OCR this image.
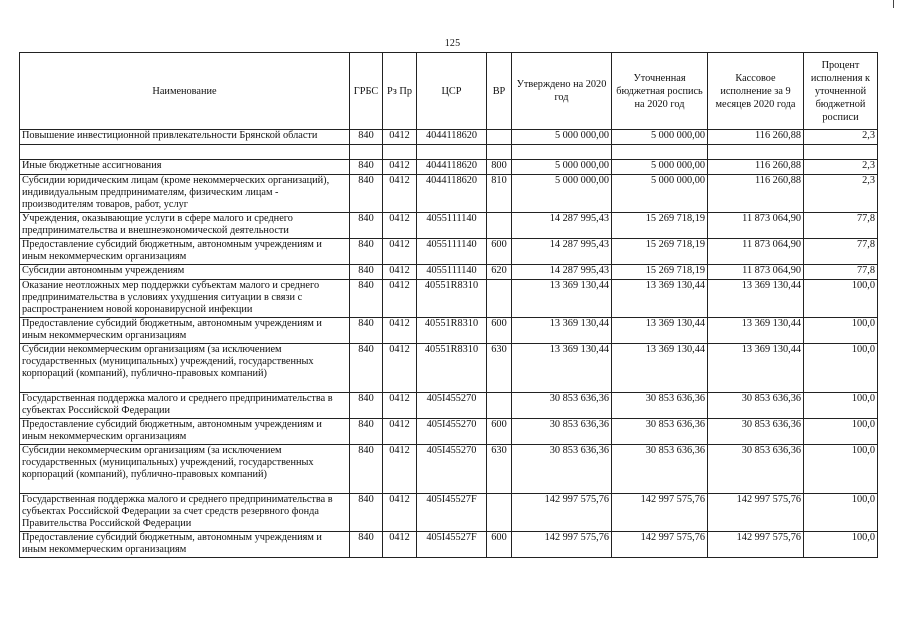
125
Наименование	ГРБС	Рз Пр	ЦСР	ВР	Утверждено на 2020 год	Уточненная бюджетная роспись на 2020 год	Кассовое исполнение за 9 месяцев 2020 года	Процент исполнения к уточненной бюджетной росписи
Повышение инвестиционной привлекательности Брянской области	840	0412	4044118620		5 000 000,00	5 000 000,00	116 260,88	2,3

Иные бюджетные ассигнования	840	0412	4044118620	800	5 000 000,00	5 000 000,00	116 260,88	2,3
Субсидии юридическим лицам (кроме некоммерческих организаций), индивидуальным предпринимателям, физическим лицам - производителям товаров, работ, услуг	840	0412	4044118620	810	5 000 000,00	5 000 000,00	116 260,88	2,3
Учреждения, оказывающие услуги в сфере малого и среднего предпринимательства и внешнеэкономической деятельности	840	0412	4055111140		14 287 995,43	15 269 718,19	11 873 064,90	77,8
Предоставление субсидий бюджетным, автономным учреждениям и иным некоммерческим организациям	840	0412	4055111140	600	14 287 995,43	15 269 718,19	11 873 064,90	77,8
Субсидии автономным учреждениям	840	0412	4055111140	620	14 287 995,43	15 269 718,19	11 873 064,90	77,8
Оказание неотложных мер поддержки субъектам малого и среднего предпринимательства в условиях ухудшения ситуации в связи с распространением новой коронавирусной инфекции	840	0412	40551R8310		13 369 130,44	13 369 130,44	13 369 130,44	100,0
Предоставление субсидий бюджетным, автономным учреждениям и иным некоммерческим организациям	840	0412	40551R8310	600	13 369 130,44	13 369 130,44	13 369 130,44	100,0
Субсидии некоммерческим организациям (за исключением государственных (муниципальных) учреждений, государственных корпораций (компаний), публично-правовых компаний)	840	0412	40551R8310	630	13 369 130,44	13 369 130,44	13 369 130,44	100,0
Государственная поддержка малого и среднего предпринимательства в субъектах Российской Федерации	840	0412	405I455270		30 853 636,36	30 853 636,36	30 853 636,36	100,0
Предоставление субсидий бюджетным, автономным учреждениям и иным некоммерческим организациям	840	0412	405I455270	600	30 853 636,36	30 853 636,36	30 853 636,36	100,0
Субсидии некоммерческим организациям (за исключением государственных (муниципальных) учреждений, государственных корпораций (компаний), публично-правовых компаний)	840	0412	405I455270	630	30 853 636,36	30 853 636,36	30 853 636,36	100,0
Государственная поддержка малого и среднего предпринимательства в субъектах Российской Федерации за счет средств резервного фонда Правительства Российской Федерации	840	0412	405I45527F		142 997 575,76	142 997 575,76	142 997 575,76	100,0
Предоставление субсидий бюджетным, автономным учреждениям и иным некоммерческим организациям	840	0412	405I45527F	600	142 997 575,76	142 997 575,76	142 997 575,76	100,0
